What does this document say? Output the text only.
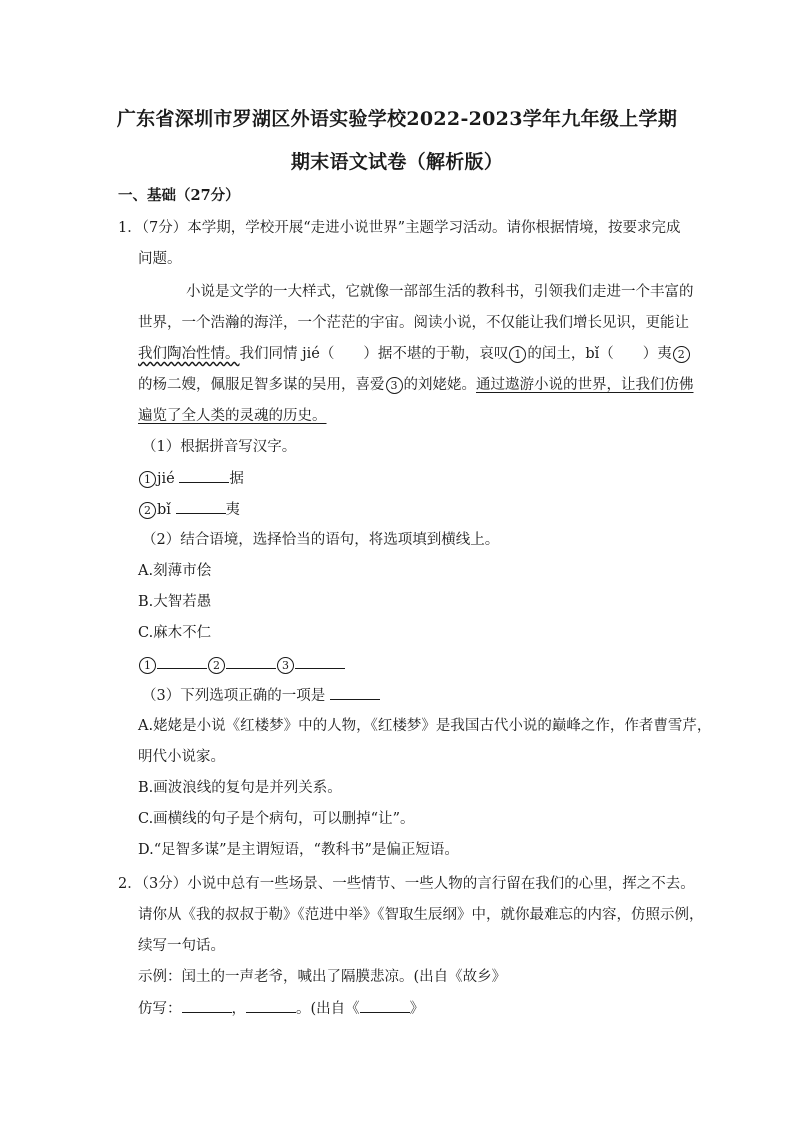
广东省深圳市罗湖区外语实验学校2022-2023学年九年级上学期
期末语文试卷（解析版）
一、基础（27分）
1．（7分）本学期，学校开展“走进小说世界”主题学习活动。请你根据情境，按要求完成
问题。
小说是文学的一大样式，它就像一部部生活的教科书，引领我们走进一个丰富的
世界，一个浩瀚的海洋，一个茫茫的宇宙。阅读小说，不仅能让我们增长见识，更能让
我们陶冶性情。我们同情 jié（　　）据不堪的于勒，哀叹 1 的闰土，bǐ（　　）夷 2
的杨二嫂，佩服足智多谋的吴用，喜爱 3 的刘姥姥。通过遨游小说的世界，让我们仿佛
遍览了全人类的灵魂的历史。
（1）根据拼音写汉字。
1 jié	据
2 bǐ	夷
（2）结合语境，选择恰当的语句，将选项填到横线上。
A.刻薄市侩
B.大智若愚
C.麻木不仁
1	2	3
（3）下列选项正确的一项是
A.姥姥是小说《红楼梦》中的人物，《红楼梦》是我国古代小说的巅峰之作，作者曹雪芹，
明代小说家。
B.画波浪线的复句是并列关系。
C.画横线的句子是个病句，可以删掉“让”。
D.“足智多谋”是主谓短语，“教科书”是偏正短语。
2．（3分）小说中总有一些场景、一些情节、一些人物的言行留在我们的心里，挥之不去。
请你从《我的叔叔于勒》《范进中举》《智取生辰纲》中，就你最难忘的内容，仿照示例，
续写一句话。
示例：闰土的一声老爷，喊出了隔膜悲凉。(出自《故乡》
仿写：	，	。(出自《	》
